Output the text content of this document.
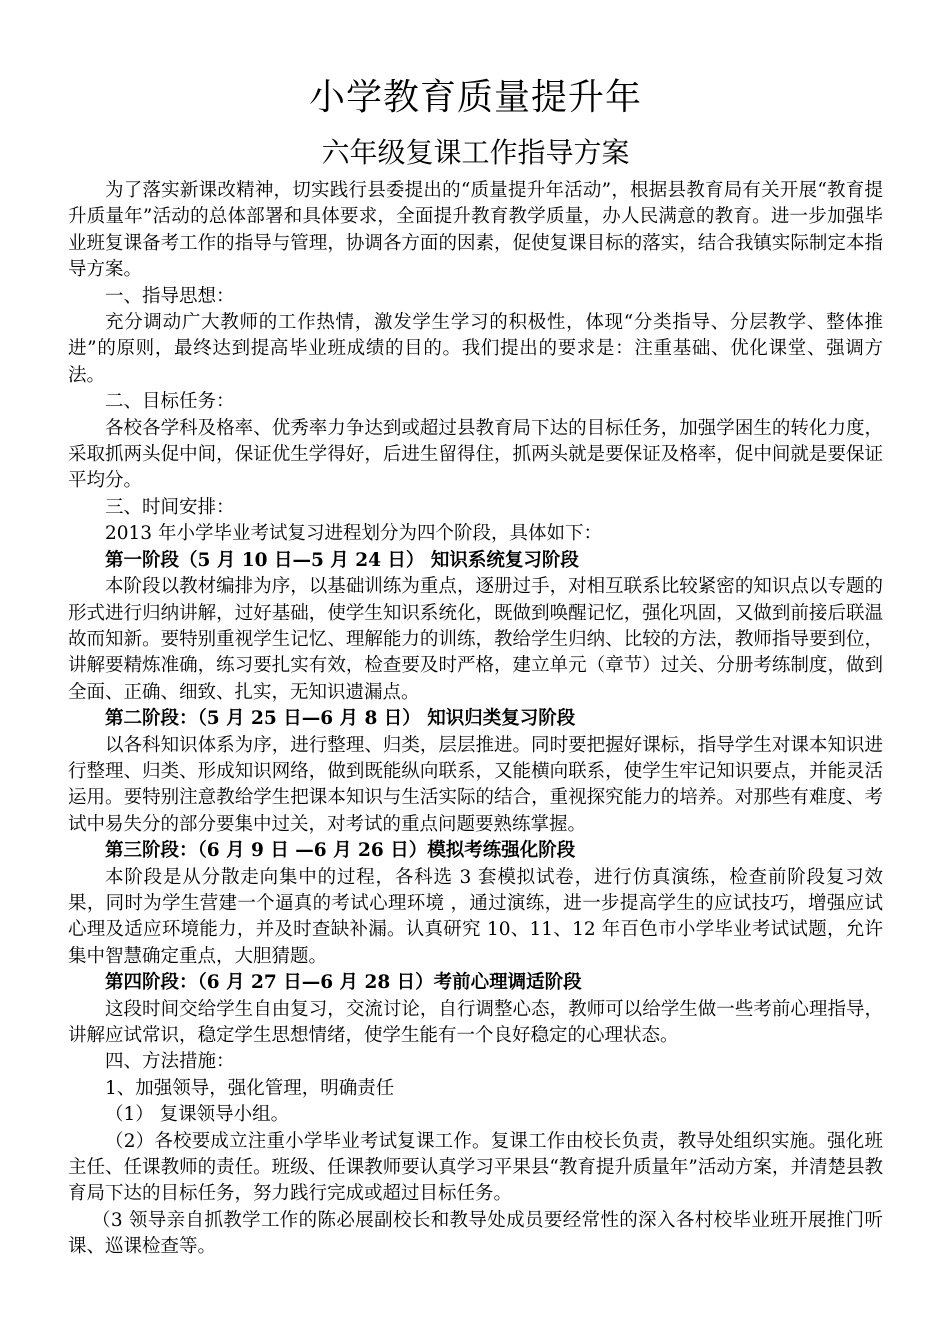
小学教育质量提升年
六年级复课工作指导方案

为了落实新课改精神，切实践行县委提出的“质量提升年活动”，根据县教育局有关开展“教育提升质量年”活动的总体部署和具体要求，全面提升教育教学质量，办人民满意的教育。进一步加强毕业班复课备考工作的指导与管理，协调各方面的因素，促使复课目标的落实，结合我镇实际制定本指导方案。

一、指导思想：

充分调动广大教师的工作热情，激发学生学习的积极性，体现“分类指导、分层教学、整体推进”的原则，最终达到提高毕业班成绩的目的。我们提出的要求是：注重基础、优化课堂、强调方法。

二、目标任务：

各校各学科及格率、优秀率力争达到或超过县教育局下达的目标任务，加强学困生的转化力度，采取抓两头促中间，保证优生学得好，后进生留得住，抓两头就是要保证及格率，促中间就是要保证平均分。

三、时间安排：

2013 年小学毕业考试复习进程划分为四个阶段，具体如下：

第一阶段（5 月 10 日—5 月 24 日） 知识系统复习阶段

本阶段以教材编排为序，以基础训练为重点，逐册过手，对相互联系比较紧密的知识点以专题的形式进行归纳讲解，过好基础，使学生知识系统化，既做到唤醒记忆，强化巩固，又做到前接后联温故而知新。要特别重视学生记忆、理解能力的训练，教给学生归纳、比较的方法，教师指导要到位，讲解要精炼准确，练习要扎实有效，检查要及时严格，建立单元（章节）过关、分册考练制度，做到全面、正确、细致、扎实，无知识遗漏点。

第二阶段：（5 月 25 日—6 月 8 日） 知识归类复习阶段

以各科知识体系为序，进行整理、归类，层层推进。同时要把握好课标，指导学生对课本知识进行整理、归类、形成知识网络，做到既能纵向联系，又能横向联系，使学生牢记知识要点，并能灵活运用。要特别注意教给学生把课本知识与生活实际的结合，重视探究能力的培养。对那些有难度、考试中易失分的部分要集中过关，对考试的重点问题要熟练掌握。

第三阶段：（6 月 9 日 —6 月 26 日）模拟考练强化阶段

本阶段是从分散走向集中的过程，各科选 3 套模拟试卷，进行仿真演练，检查前阶段复习效果，同时为学生营建一个逼真的考试心理环境 ，通过演练，进一步提高学生的应试技巧，增强应试心理及适应环境能力，并及时查缺补漏。认真研究 10、11、12 年百色市小学毕业考试试题，允许集中智慧确定重点，大胆猜题。

第四阶段：（6 月 27 日—6 月 28 日）考前心理调适阶段

这段时间交给学生自由复习，交流讨论，自行调整心态，教师可以给学生做一些考前心理指导，讲解应试常识，稳定学生思想情绪，使学生能有一个良好稳定的心理状态。

四、方法措施：

1、加强领导，强化管理，明确责任

（1） 复课领导小组。

（2）各校要成立注重小学毕业考试复课工作。复课工作由校长负责，教导处组织实施。强化班主任、任课教师的责任。班级、任课教师要认真学习平果县“教育提升质量年”活动方案，并清楚县教育局下达的目标任务，努力践行完成或超过目标任务。

（3 领导亲自抓教学工作的陈必展副校长和教导处成员要经常性的深入各村校毕业班开展推门听课、巡课检查等。
